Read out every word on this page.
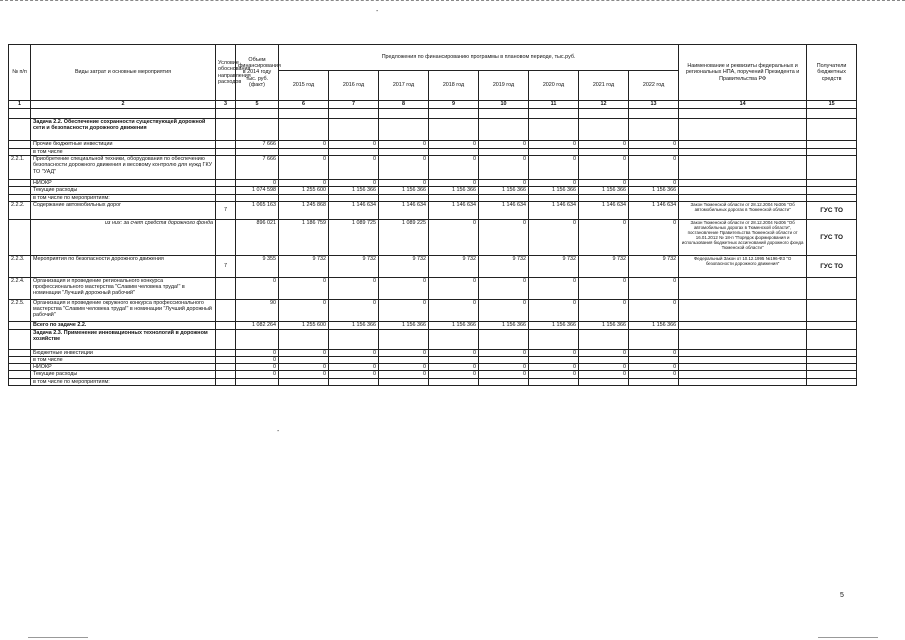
-
-
№ п/п	Виды затрат и основные мероприятия	Условие обоснования направления расходов	Объем финансирования в 2014 году тыс. руб. (факт)	Предложения по финансированию программы в плановом периоде, тыс.руб.								Наименование и реквизиты федеральных и региональных НПА, поручений Президента и Правительства РФ	Получатели бюджетных средств
				2015 год	2016 год	2017 год	2018 год	2019 год	2020 год	2021 год	2022 год		
1	2	3	5	6	7	8	9	10	11	12	13	14	15

	Задача 2.2. Обеспечение сохранности существующей дорожной сети и безопасности дорожного движения												
	Прочие бюджетные инвестиции		7 666	0	0	0	0	0	0	0	0		
	в том числе												
2.2.1.	Приобретение специальной техники, оборудования по обеспечению безопасности дорожного движения и весовому контролю для нужд ГКУ ТО "УАД"		7 666	0	0	0	0	0	0	0	0		
	НИОКР		0	0	0	0	0	0	0	0	0		
	Текущие расходы		1 074 598	1 255 600	1 156 366	1 156 366	1 156 366	1 156 366	1 156 366	1 156 366	1 156 366		
	в том числе по мероприятиям:												
2.2.2.	Содержание автомобильных дорог	7	1 065 163	1 245 868	1 146 634	1 146 634	1 146 634	1 146 634	1 146 634	1 146 634	1 146 634	Закон Тюменской области от 28.12.2004 №306 "Об автомобильных дорогах в Тюменской области"	ГУС ТО
	из них: за счет средств дорожного фонда		896 021	1 186 759	1 089 725	1 089 225	0	0	0	0	0	Закон Тюменской области от 28.12.2004 №306 "Об автомобильных дорогах в Тюменской области", постановление Правительства Тюменской области от 16.01.2012 № 18-п "Порядок формирования и использования бюджетных ассигнований дорожного фонда Тюменской области"	ГУС ТО
2.2.3.	Мероприятия по безопасности дорожного движения	7	9 355	9 732	9 732	9 732	9 732	9 732	9 732	9 732	9 732	Федеральный Закон от 10.12.1995 №196-ФЗ "О безопасности дорожного движения"	ГУС ТО
2.2.4.	Организация и проведение регионального конкурса профессионального мастерства "Славим человека труда!" в номинации "Лучший дорожный рабочий"		0	0	0	0	0	0	0	0	0		
2.2.5.	Организация и проведение окружного конкурса профессионального мастерства "Славим человека труда!" в номинации "Лучший дорожный рабочий"		90	0	0	0	0	0	0	0	0		
	Всего по задаче 2.2.		1 082 264	1 255 600	1 156 366	1 156 366	1 156 366	1 156 366	1 156 366	1 156 366	1 156 366		
	Задача 2.3. Применение инновационных технологий в дорожном хозяйстве												
	Бюджетные инвестиции		0	0	0	0	0	0	0	0	0		
	в том числе		0										
	НИОКР		0	0	0	0	0	0	0	0	0		
	Текущие расходы		0	0	0	0	0	0	0	0	0		
	в том числе по мероприятиям:												
5
